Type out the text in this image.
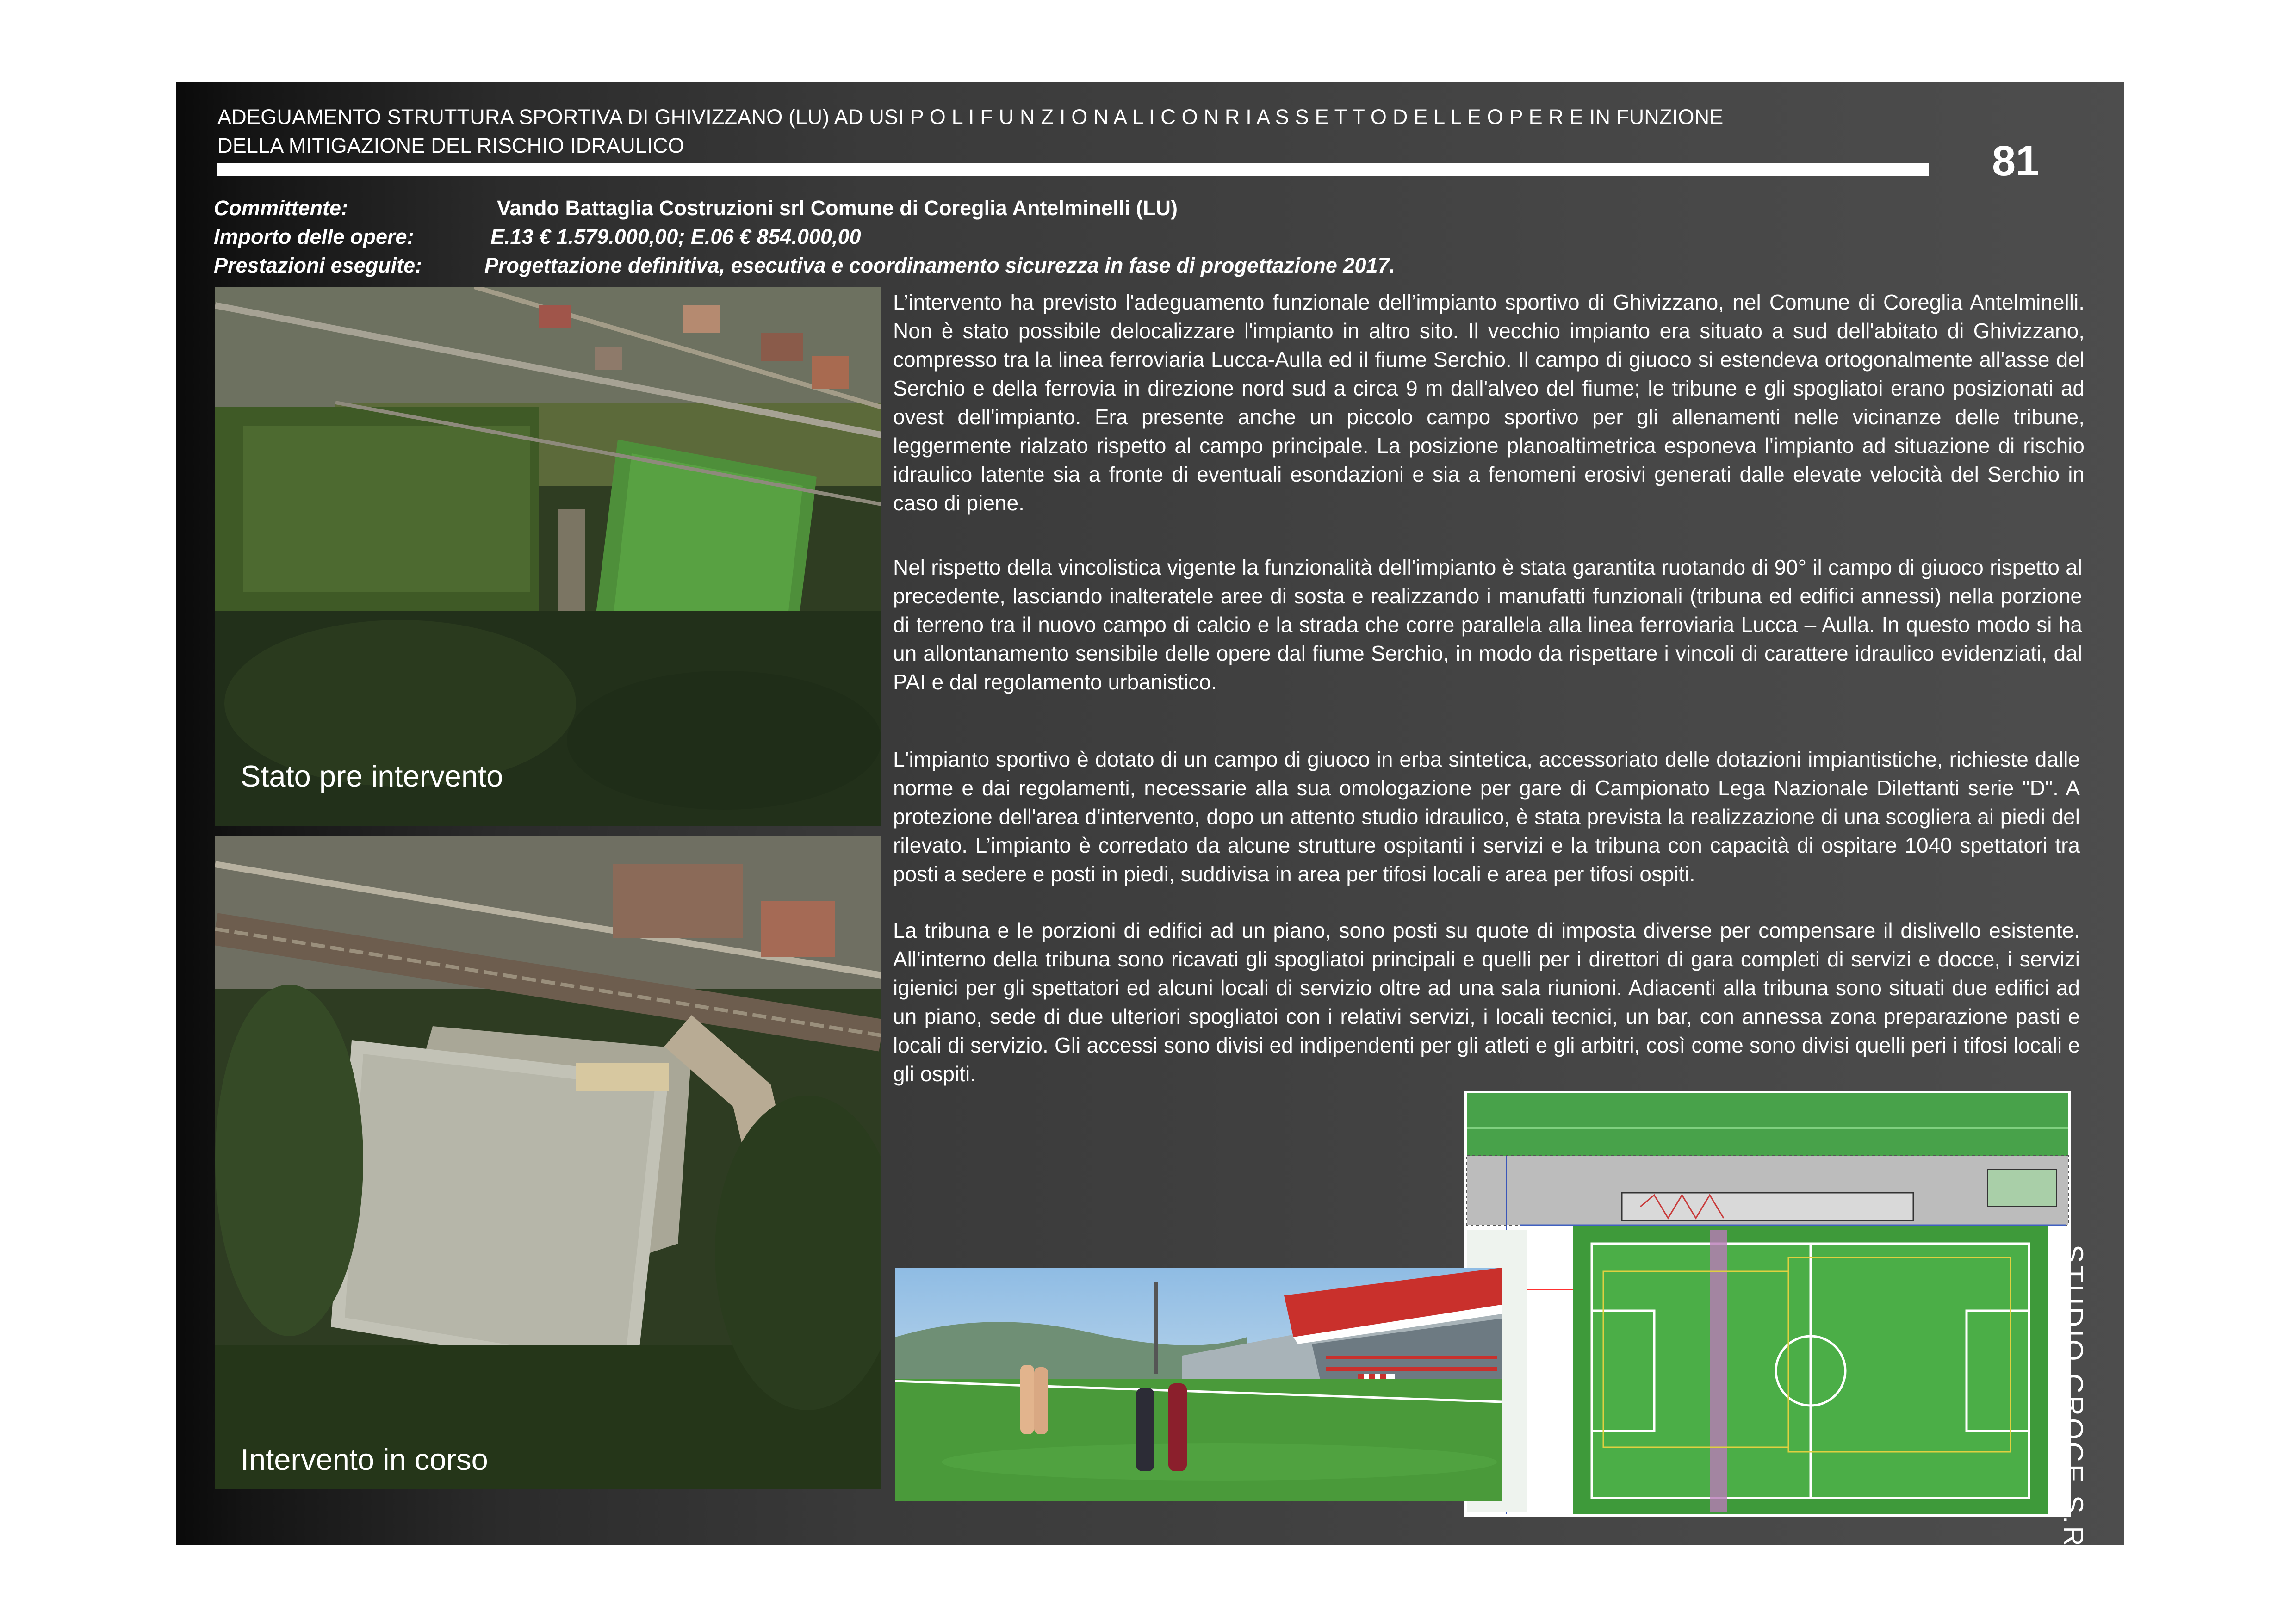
ADEGUAMENTO STRUTTURA SPORTIVA DI GHIVIZZANO (LU) AD USI P O L I F U N Z I O N A L I C O N R I A S S E T T O D E L L E O P E R E IN FUNZIONE
DELLA MITIGAZIONE DEL RISCHIO IDRAULICO	81
Committente:	Vando Battaglia Costruzioni srl Comune di Coreglia Antelminelli (LU)
Importo delle opere:	E.13 € 1.579.000,00; E.06 € 854.000,00
Prestazioni eseguite:	Progettazione definitiva, esecutiva e coordinamento sicurezza in fase di progettazione 2017.
Stato pre intervento
Intervento in corso

L’intervento ha previsto l'adeguamento funzionale dell’impianto sportivo di Ghivizzano, nel Comune di Coreglia Antelminelli. Non è stato possibile delocalizzare l'impianto in altro sito. Il vecchio impianto era situato a sud dell'abitato di Ghivizzano, compresso tra la linea ferroviaria Lucca-Aulla ed il fiume Serchio. Il campo di giuoco si estendeva ortogonalmente all'asse del Serchio e della ferrovia in direzione nord sud a circa 9 m dall'alveo del fiume; le tribune e gli spogliatoi erano posizionati ad ovest dell'impianto. Era presente anche un piccolo campo sportivo per gli allenamenti nelle vicinanze delle tribune, leggermente rialzato rispetto al campo principale. La posizione planoaltimetrica esponeva l'impianto ad situazione di rischio idraulico latente sia a fronte di eventuali esondazioni e sia a fenomeni erosivi generati dalle elevate velocità del Serchio in caso di piene.

Nel rispetto della vincolistica vigente la funzionalità dell'impianto è stata garantita ruotando di 90° il campo di giuoco rispetto al precedente, lasciando inalteratele aree di sosta e realizzando i manufatti funzionali (tribuna ed edifici annessi) nella porzione di terreno tra il nuovo campo di calcio e la strada che corre parallela alla linea ferroviaria Lucca – Aulla. In questo modo si ha un allontanamento sensibile delle opere dal fiume Serchio, in modo da rispettare i vincoli di carattere idraulico evidenziati, dal PAI e dal regolamento urbanistico.

L'impianto sportivo è dotato di un campo di giuoco in erba sintetica, accessoriato delle dotazioni impiantistiche, richieste dalle norme e dai regolamenti, necessarie alla sua omologazione per gare di Campionato Lega Nazionale Dilettanti serie "D". A protezione dell'area d'intervento, dopo un attento studio idraulico, è stata prevista la realizzazione di una scogliera ai piedi del rilevato. L’impianto è corredato da alcune strutture ospitanti i servizi e la tribuna con capacità di ospitare 1040 spettatori tra posti a sedere e posti in piedi, suddivisa in area per tifosi locali e area per tifosi ospiti.

La tribuna e le porzioni di edifici ad un piano, sono posti su quote di imposta diverse per compensare il dislivello esistente. All'interno della tribuna sono ricavati gli spogliatoi principali e quelli per i direttori di gara completi di servizi e docce, i servizi igienici per gli spettatori ed alcuni locali di servizio oltre ad una sala riunioni. Adiacenti alla tribuna sono situati due edifici ad un piano, sede di due ulteriori spogliatoi con i relativi servizi, i locali tecnici, un bar, con annessa zona preparazione pasti e locali di servizio. Gli accessi sono divisi ed indipendenti per gli atleti e gli arbitri, così come sono divisi quelli peri i tifosi locali e gli ospiti.

STUDIO CROCE S.R.L.
